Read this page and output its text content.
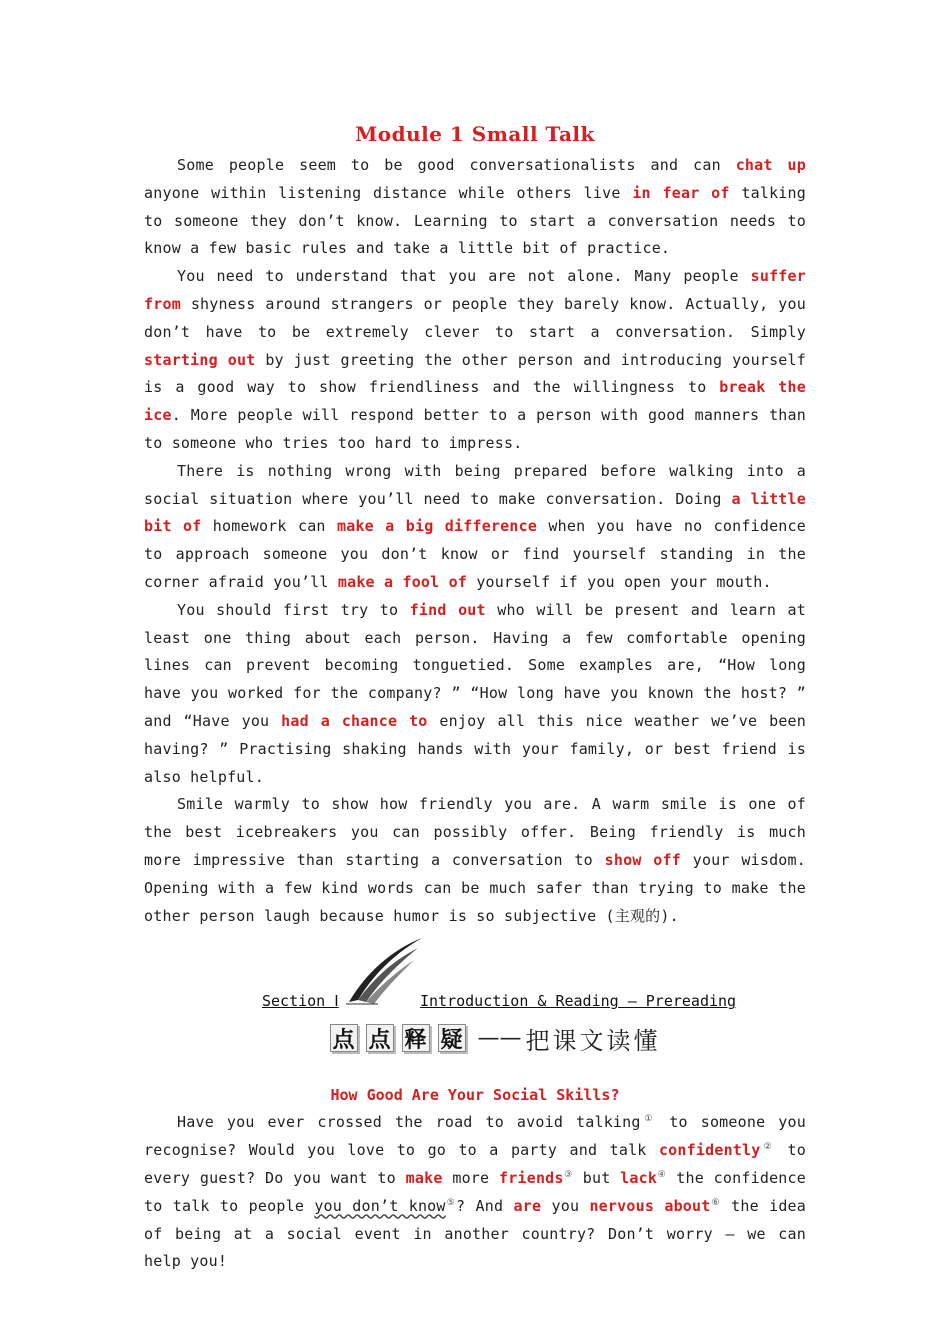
Module 1 Small Talk

Some people seem to be good conversationalists and can chat up anyone within listening distance while others live in fear of talking to someone they don’t know. Learning to start a conversation needs to know a few basic rules and take a little bit of practice.

You need to understand that you are not alone. Many people suffer from shyness around strangers or people they barely know. Actually, you don’t have to be extremely clever to start a conversation. Simply starting out by just greeting the other person and introducing yourself is a good way to show friendliness and the willingness to break the ice. More people will respond better to a person with good manners than to someone who tries too hard to impress.

There is nothing wrong with being prepared before walking into a social situation where you’ll need to make conversation. Doing a little bit of homework can make a big difference when you have no confidence to approach someone you don’t know or find yourself standing in the corner afraid you’ll make a fool of yourself if you open your mouth.

You should first try to find out who will be present and learn at least one thing about each person. Having a few comfortable opening lines can prevent becoming tonguetied. Some examples are, “How long have you worked for the company? ” “How long have you known the host? ” and “Have you had a chance to enjoy all this nice weather we’ve been having? ” Practising shaking hands with your family, or best friend is also helpful.

Smile warmly to show how friendly you are. A warm smile is one of the best icebreakers you can possibly offer. Being friendly is much more impressive than starting a conversation to show off your wisdom. Opening with a few kind words can be much safer than trying to make the other person laugh because humor is so subjective (主观的).

Section Ⅰ	Introduction & Reading — Prereading
点 点 释 疑 —— 把课文读懂
How Good Are Your Social Skills?

Have you ever crossed the road to avoid talking① to someone you recognise? Would you love to go to a party and talk confidently② to every guest? Do you want to make more friends③ but lack④ the confidence to talk to people you don’t know⑤? And are you nervous about⑥ the idea of being at a social event in another country? Don’t worry — we can help you!
